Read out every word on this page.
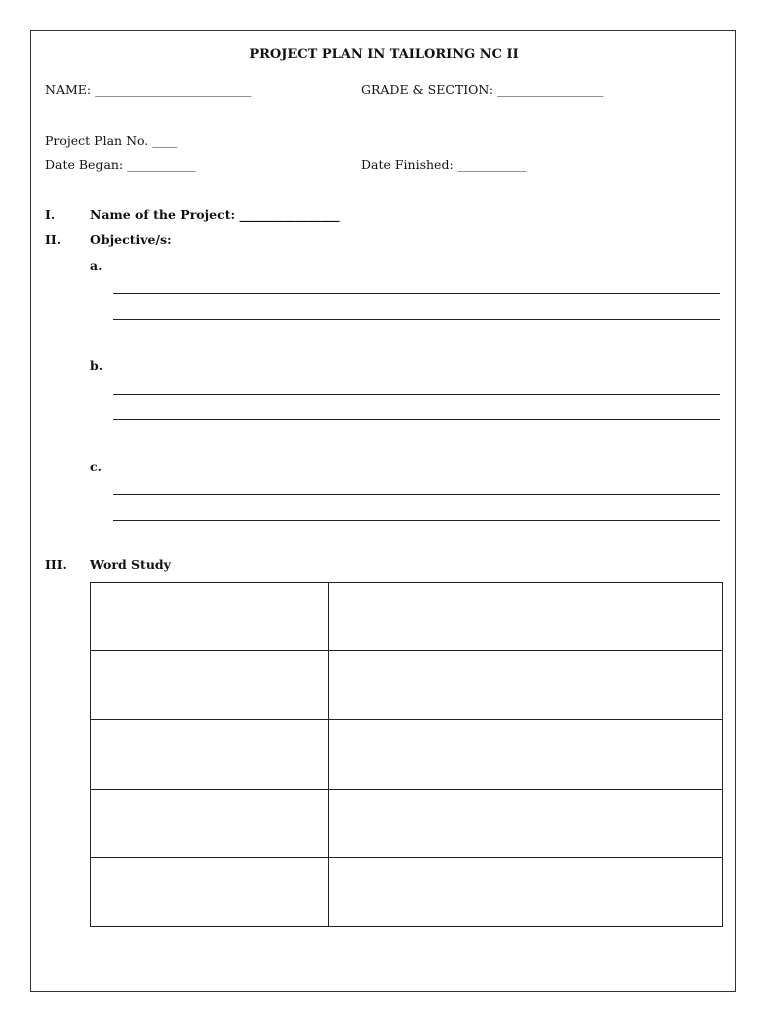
PROJECT PLAN IN TAILORING NC II
NAME: _________________________	GRADE & SECTION: _________________
Project Plan No. ____
Date Began: ___________	Date Finished: ___________
I.	Name of the Project: ________________
II. Objective/s:
a.
b.
c.
III. Word Study
